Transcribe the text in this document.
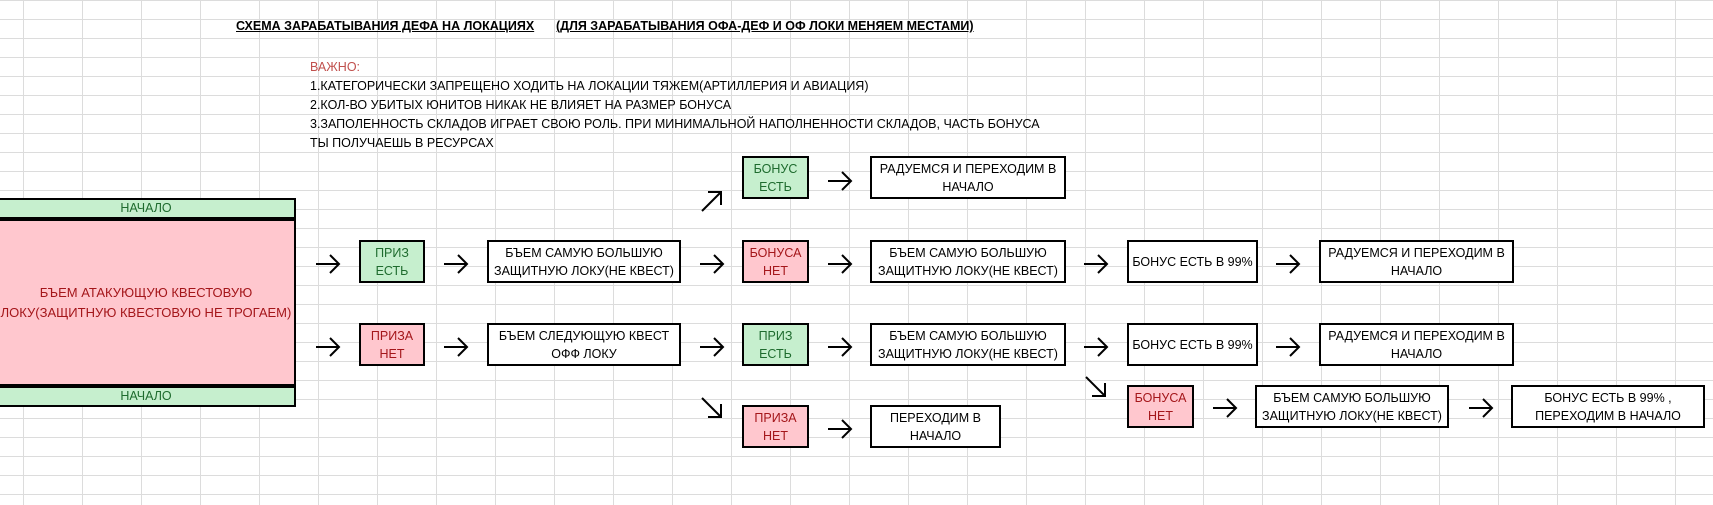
СХЕМА ЗАРАБАТЫВАНИЯ ДЕФА НА ЛОКАЦИЯХ (ДЛЯ ЗАРАБАТЫВАНИЯ ОФА-ДЕФ И ОФ ЛОКИ МЕНЯЕМ МЕСТАМИ)
ВАЖНО:
1.КАТЕГОРИЧЕСКИ ЗАПРЕЩЕНО ХОДИТЬ НА ЛОКАЦИИ ТЯЖЕМ(АРТИЛЛЕРИЯ И АВИАЦИЯ)
2.КОЛ-ВО УБИТЫХ ЮНИТОВ НИКАК НЕ ВЛИЯЕТ НА РАЗМЕР БОНУСА
3.ЗАПОЛЕННОСТЬ СКЛАДОВ ИГРАЕТ СВОЮ РОЛЬ. ПРИ МИНИМАЛЬНОЙ НАПОЛНЕННОСТИ СКЛАДОВ, ЧАСТЬ БОНУСА
ТЫ ПОЛУЧАЕШЬ В РЕСУРСАХ
НАЧАЛО
БЪЕМ АТАКУЮЩУЮ КВЕСТОВУЮ
ЛОКУ(ЗАЩИТНУЮ КВЕСТОВУЮ НЕ ТРОГАЕМ)
НАЧАЛО
БОНУС
ЕСТЬ
РАДУЕМСЯ И ПЕРЕХОДИМ В
НАЧАЛО
ПРИЗ
ЕСТЬ
БЪЕМ САМУЮ БОЛЬШУЮ
ЗАЩИТНУЮ ЛОКУ(НЕ КВЕСТ)
БОНУСА
НЕТ
БЪЕМ САМУЮ БОЛЬШУЮ
ЗАЩИТНУЮ ЛОКУ(НЕ КВЕСТ)
БОНУС ЕСТЬ В 99%
РАДУЕМСЯ И ПЕРЕХОДИМ В
НАЧАЛО
ПРИЗА
НЕТ
БЪЕМ СЛЕДУЮЩУЮ КВЕСТ
ОФФ ЛОКУ
ПРИЗ
ЕСТЬ
БЪЕМ САМУЮ БОЛЬШУЮ
ЗАЩИТНУЮ ЛОКУ(НЕ КВЕСТ)
БОНУС ЕСТЬ В 99%
РАДУЕМСЯ И ПЕРЕХОДИМ В
НАЧАЛО
ПРИЗА
НЕТ
ПЕРЕХОДИМ В
НАЧАЛО
БОНУСА
НЕТ
БЪЕМ САМУЮ БОЛЬШУЮ
ЗАЩИТНУЮ ЛОКУ(НЕ КВЕСТ)
БОНУС ЕСТЬ В 99% ,
ПЕРЕХОДИМ В НАЧАЛО
